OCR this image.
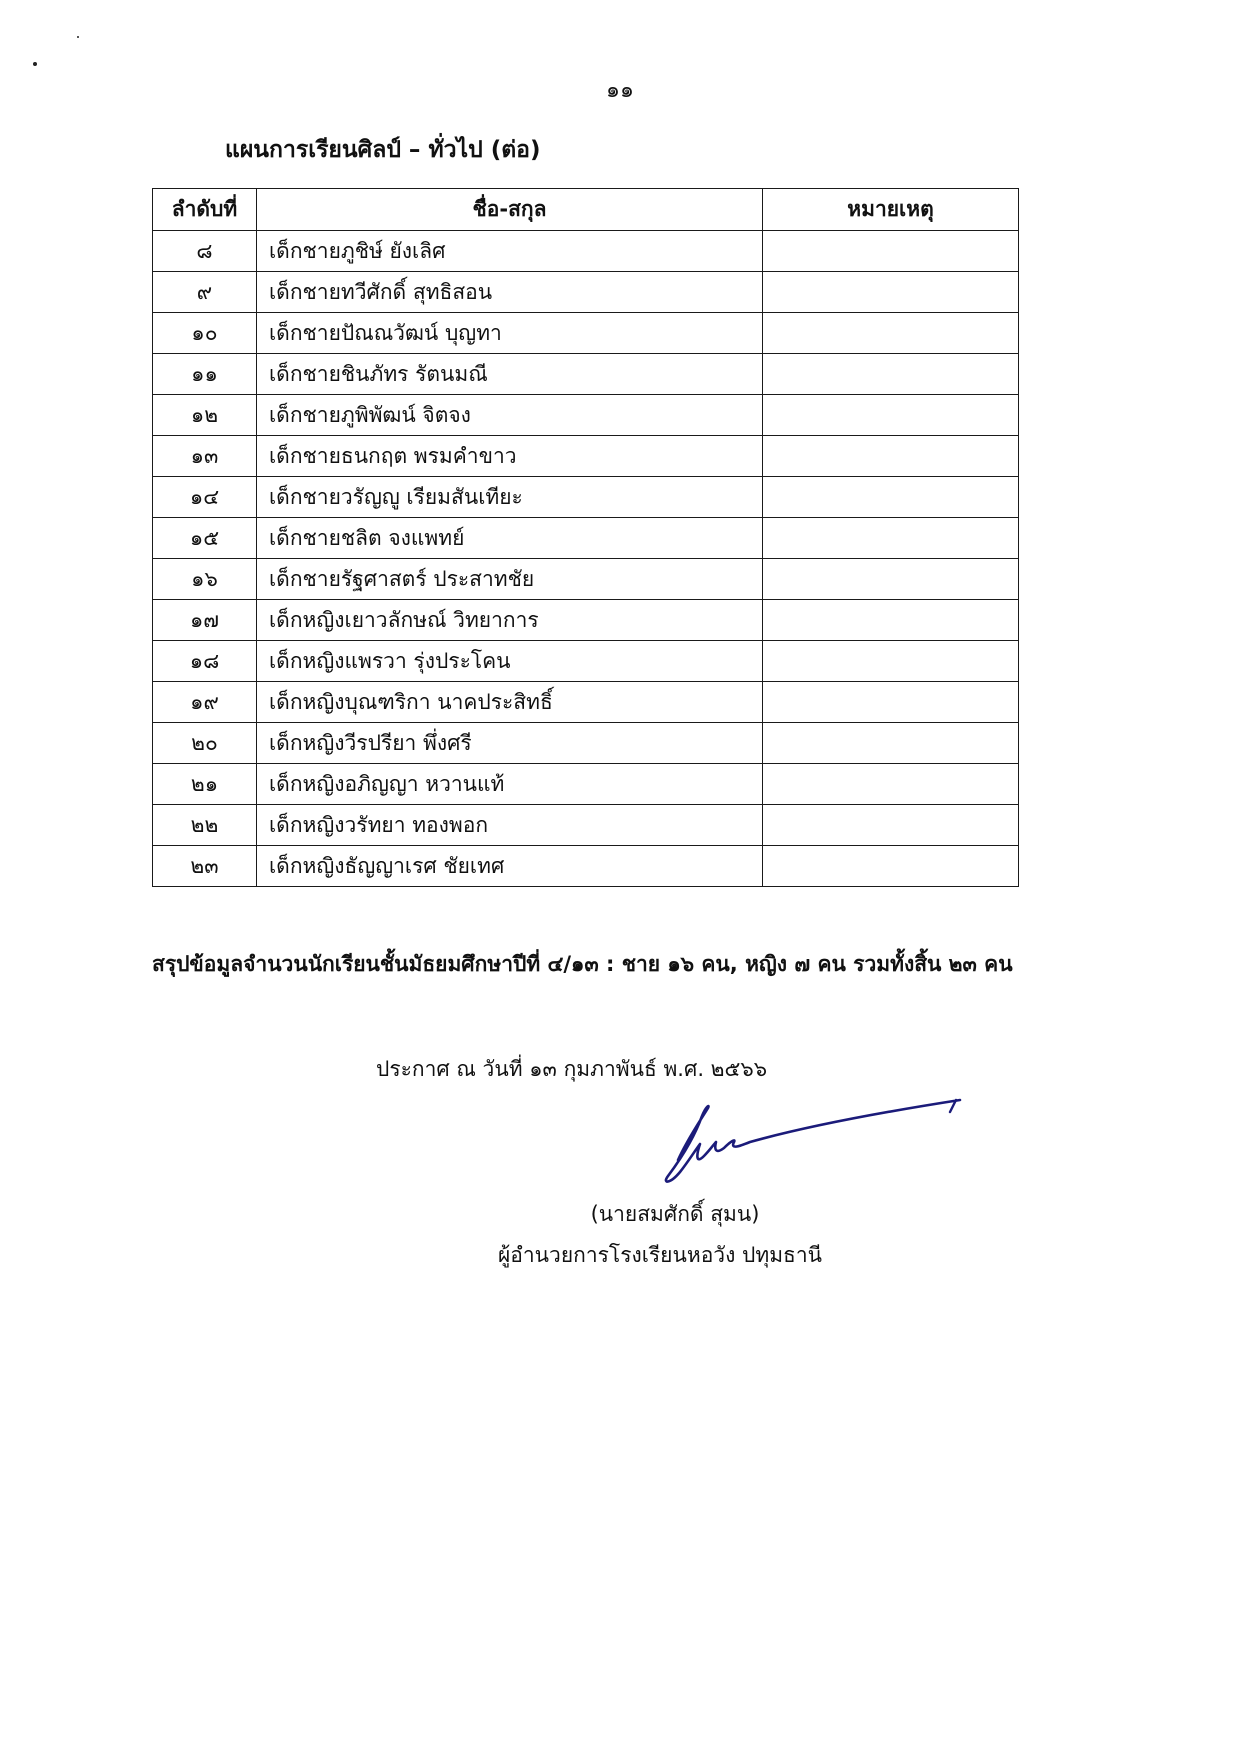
๑๑
แผนการเรียนศิลป์ – ทั่วไป (ต่อ)
ลำดับที่	ชื่อ-สกุล	หมายเหตุ
๘	เด็กชายภูชิษ์ ยังเลิศ	
๙	เด็กชายทวีศักดิ์ สุทธิสอน	
๑๐	เด็กชายปัณณวัฒน์ บุญทา	
๑๑	เด็กชายชินภัทร รัตนมณี	
๑๒	เด็กชายภูพิพัฒน์ จิตจง	
๑๓	เด็กชายธนกฤต พรมคำขาว	
๑๔	เด็กชายวรัญญู เรียมสันเทียะ	
๑๕	เด็กชายชลิต จงแพทย์	
๑๖	เด็กชายรัฐศาสตร์ ประสาทชัย	
๑๗	เด็กหญิงเยาวลักษณ์ วิทยาการ	
๑๘	เด็กหญิงแพรวา รุ่งประโคน	
๑๙	เด็กหญิงบุณฑริกา นาคประสิทธิ์	
๒๐	เด็กหญิงวีรปรียา พึ่งศรี	
๒๑	เด็กหญิงอภิญญา หวานแท้	
๒๒	เด็กหญิงวรัทยา ทองพอก	
๒๓	เด็กหญิงธัญญาเรศ ชัยเทศ	
สรุปข้อมูลจำนวนนักเรียนชั้นมัธยมศึกษาปีที่ ๔/๑๓ : ชาย ๑๖ คน, หญิง ๗ คน รวมทั้งสิ้น ๒๓ คน
ประกาศ ณ วันที่ ๑๓ กุมภาพันธ์ พ.ศ. ๒๕๖๖
(นายสมศักดิ์ สุมน)
ผู้อำนวยการโรงเรียนหอวัง ปทุมธานี
